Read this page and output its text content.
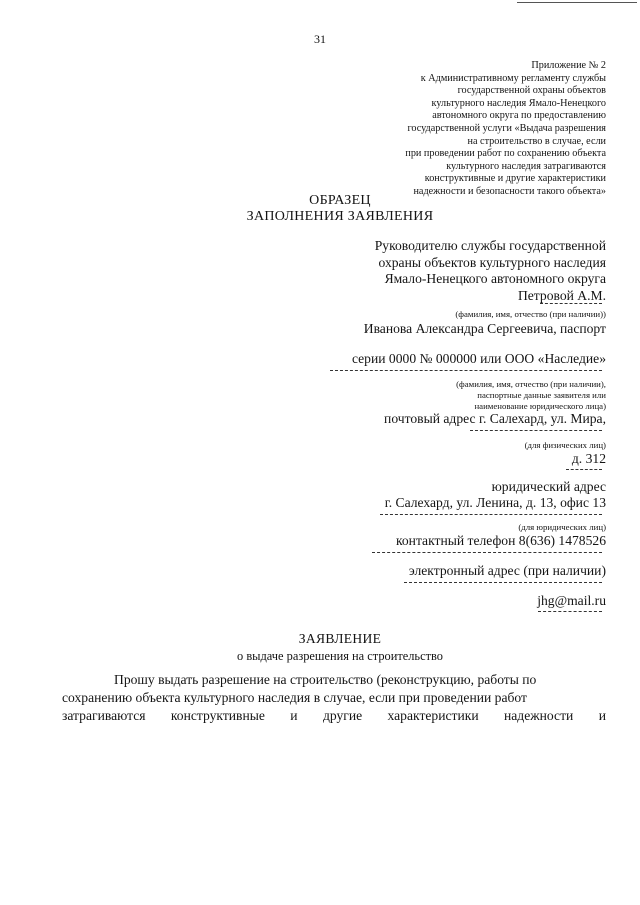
31
Приложение № 2
к Административному регламенту службы
государственной охраны объектов
культурного наследия Ямало-Ненецкого
автономного округа по предоставлению
государственной услуги «Выдача разрешения
на строительство в случае, если
при проведении работ по сохранению объекта
культурного наследия затрагиваются
конструктивные и другие характеристики
надежности и безопасности такого объекта»
ОБРАЗЕЦ
ЗАПОЛНЕНИЯ ЗАЯВЛЕНИЯ
Руководителю службы государственной
охраны объектов культурного наследия
Ямало-Ненецкого автономного округа
Петровой А.М.
(фамилия, имя, отчество (при наличии))
Иванова Александра Сергеевича, паспорт
серии 0000 № 000000 или ООО «Наследие»
(фамилия, имя, отчество (при наличии),
паспортные данные заявителя или
наименование юридического лица)
почтовый адрес г. Салехард, ул. Мира,
(для физических лиц)
д. 312
юридический адрес
г. Салехард, ул. Ленина, д. 13, офис 13
(для юридических лиц)
контактный телефон 8(636) 1478526
электронный адрес (при наличии)
jhg@mail.ru
ЗАЯВЛЕНИЕ
о выдаче разрешения на строительство
Прошу выдать разрешение на строительство (реконструкцию, работы по
сохранению объекта культурного наследия в случае, если при проведении работ
затрагиваются конструктивные и другие характеристики надежности и
